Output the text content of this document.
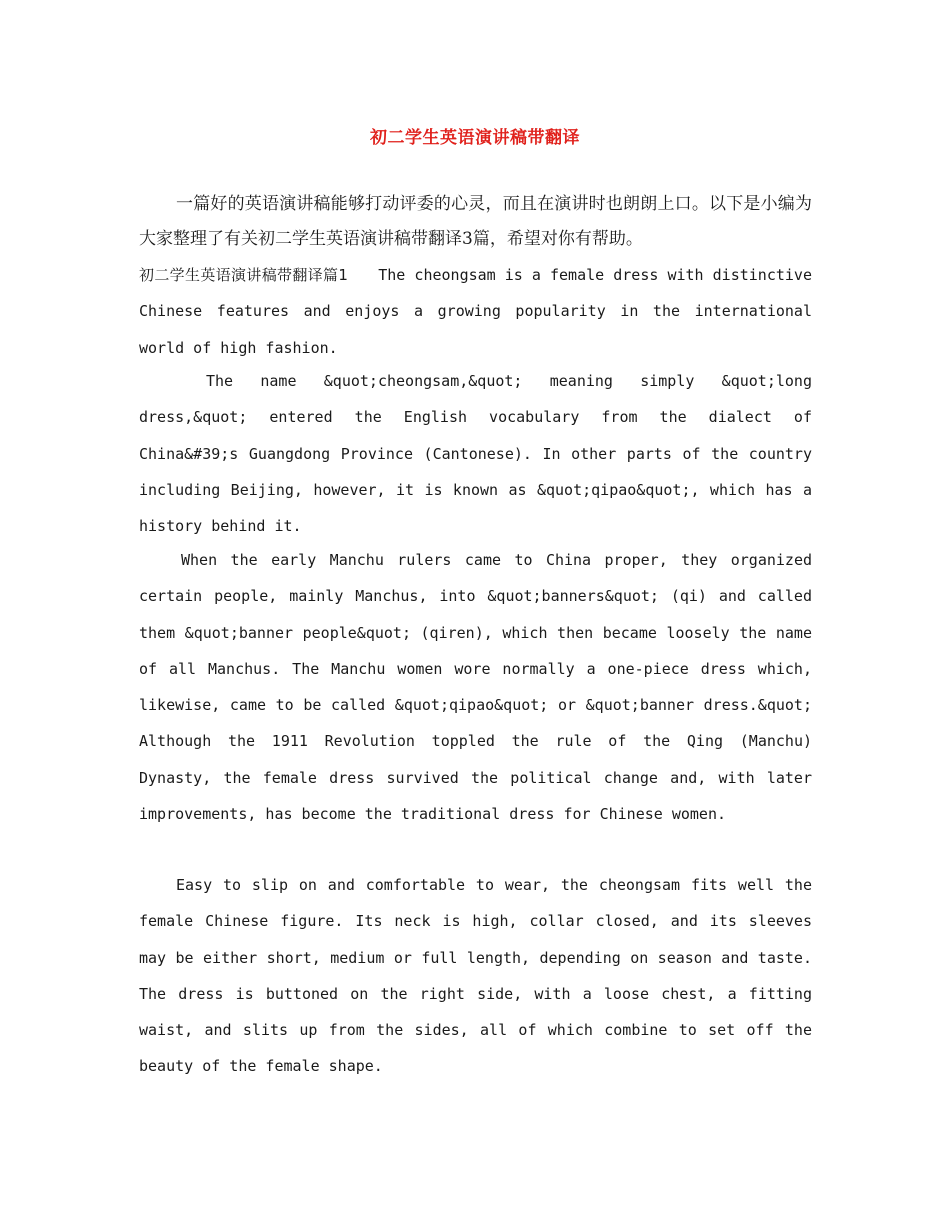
初二学生英语演讲稿带翻译
一篇好的英语演讲稿能够打动评委的心灵，而且在演讲时也朗朗上口。以下是小编为大家整理了有关初二学生英语演讲稿带翻译3篇，希望对你有帮助。
初二学生英语演讲稿带翻译篇1 The cheongsam is a female dress with distinctive Chinese features and enjoys a growing popularity in the international world of high fashion.
The name &quot;cheongsam,&quot; meaning simply &quot;long dress,&quot; entered the English vocabulary from the dialect of China&#39;s Guangdong Province (Cantonese). In other parts of the country including Beijing, however, it is known as &quot;qipao&quot;, which has a history behind it.
When the early Manchu rulers came to China proper, they organized certain people, mainly Manchus, into &quot;banners&quot; (qi) and called them &quot;banner people&quot; (qiren), which then became loosely the name of all Manchus. The Manchu women wore normally a one-piece dress which, likewise, came to be called &quot;qipao&quot; or &quot;banner dress.&quot; Although the 1911 Revolution toppled the rule of the Qing (Manchu) Dynasty, the female dress survived the political change and, with later improvements, has become the traditional dress for Chinese women.
Easy to slip on and comfortable to wear, the cheongsam fits well the female Chinese figure. Its neck is high, collar closed, and its sleeves may be either short, medium or full length, depending on season and taste. The dress is buttoned on the right side, with a loose chest, a fitting waist, and slits up from the sides, all of which combine to set off the beauty of the female shape.
